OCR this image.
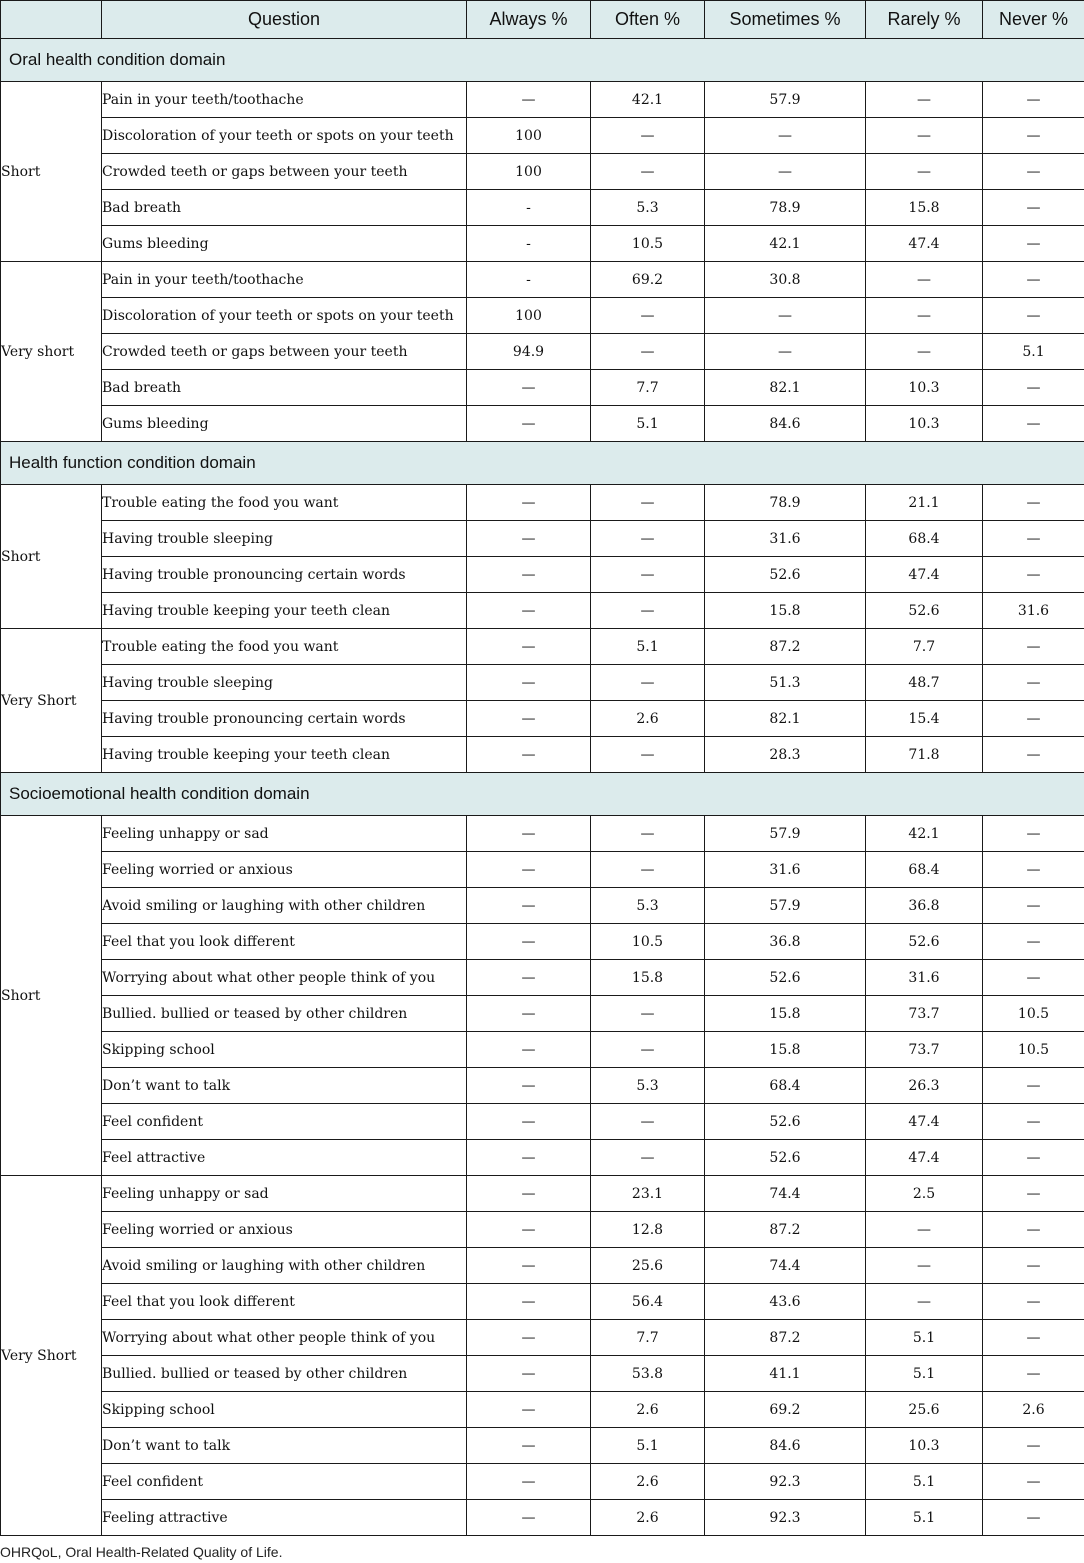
	Question	Always %	Often %	Sometimes %	Rarely %	Never %
Oral health condition domain						
Short	Pain in your teeth/toothache	—	42.1	57.9	—	—
	Discoloration of your teeth or spots on your teeth	100	—	—	—	—
	Crowded teeth or gaps between your teeth	100	—	—	—	—
	Bad breath	-	5.3	78.9	15.8	—
	Gums bleeding	-	10.5	42.1	47.4	—
Very short	Pain in your teeth/toothache	-	69.2	30.8	—	—
	Discoloration of your teeth or spots on your teeth	100	—	—	—	—
	Crowded teeth or gaps between your teeth	94.9	—	—	—	5.1
	Bad breath	—	7.7	82.1	10.3	—
	Gums bleeding	—	5.1	84.6	10.3	—
Health function condition domain						
Short	Trouble eating the food you want	—	—	78.9	21.1	—
	Having trouble sleeping	—	—	31.6	68.4	—
	Having trouble pronouncing certain words	—	—	52.6	47.4	—
	Having trouble keeping your teeth clean	—	—	15.8	52.6	31.6
Very Short	Trouble eating the food you want	—	5.1	87.2	7.7	—
	Having trouble sleeping	—	—	51.3	48.7	—
	Having trouble pronouncing certain words	—	2.6	82.1	15.4	—
	Having trouble keeping your teeth clean	—	—	28.3	71.8	—
Socioemotional health condition domain						
Short	Feeling unhappy or sad	—	—	57.9	42.1	—
	Feeling worried or anxious	—	—	31.6	68.4	—
	Avoid smiling or laughing with other children	—	5.3	57.9	36.8	—
	Feel that you look different	—	10.5	36.8	52.6	—
	Worrying about what other people think of you	—	15.8	52.6	31.6	—
	Bullied. bullied or teased by other children	—	—	15.8	73.7	10.5
	Skipping school	—	—	15.8	73.7	10.5
	Don’t want to talk	—	5.3	68.4	26.3	—
	Feel confident	—	—	52.6	47.4	—
	Feel attractive	—	—	52.6	47.4	—
Very Short	Feeling unhappy or sad	—	23.1	74.4	2.5	—
	Feeling worried or anxious	—	12.8	87.2	—	—
	Avoid smiling or laughing with other children	—	25.6	74.4	—	—
	Feel that you look different	—	56.4	43.6	—	—
	Worrying about what other people think of you	—	7.7	87.2	5.1	—
	Bullied. bullied or teased by other children	—	53.8	41.1	5.1	—
	Skipping school	—	2.6	69.2	25.6	2.6
	Don’t want to talk	—	5.1	84.6	10.3	—
	Feel confident	—	2.6	92.3	5.1	—
	Feeling attractive	—	2.6	92.3	5.1	—
OHRQoL, Oral Health-Related Quality of Life.
